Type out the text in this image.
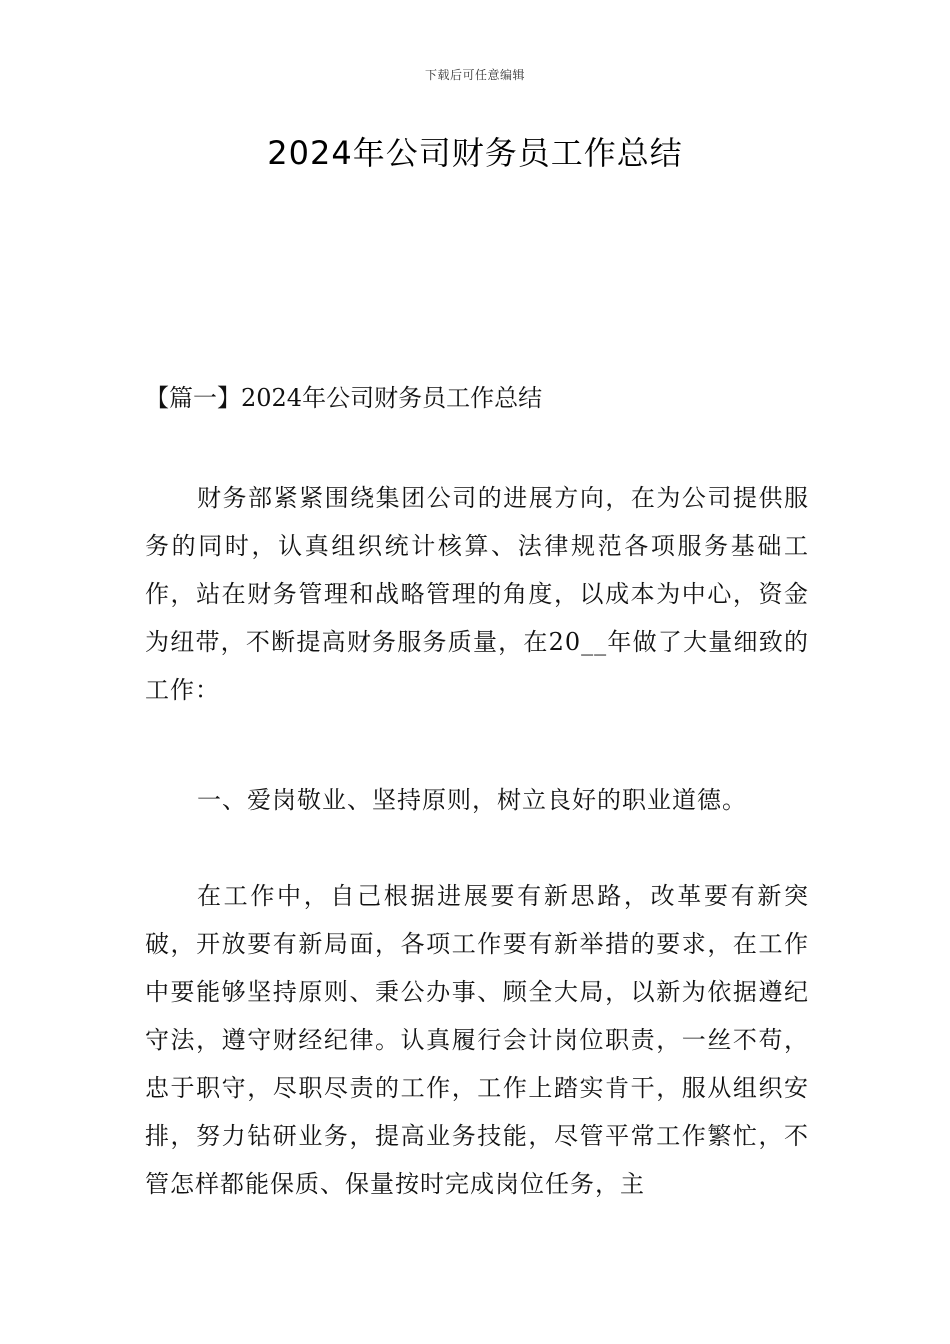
下载后可任意编辑
2024年公司财务员工作总结
【篇一】2024年公司财务员工作总结

财务部紧紧围绕集团公司的进展方向，在为公司提供服务的同时，认真组织统计核算、法律规范各项服务基础工作，站在财务管理和战略管理的角度，以成本为中心，资金为纽带，不断提高财务服务质量，在20__年做了大量细致的工作：

一、爱岗敬业、坚持原则，树立良好的职业道德。

在工作中，自己根据进展要有新思路，改革要有新突破，开放要有新局面，各项工作要有新举措的要求，在工作中要能够坚持原则、秉公办事、顾全大局，以新为依据遵纪守法，遵守财经纪律。认真履行会计岗位职责，一丝不苟，忠于职守，尽职尽责的工作，工作上踏实肯干，服从组织安排，努力钻研业务，提高业务技能，尽管平常工作繁忙，不管怎样都能保质、保量按时完成岗位任务，主
